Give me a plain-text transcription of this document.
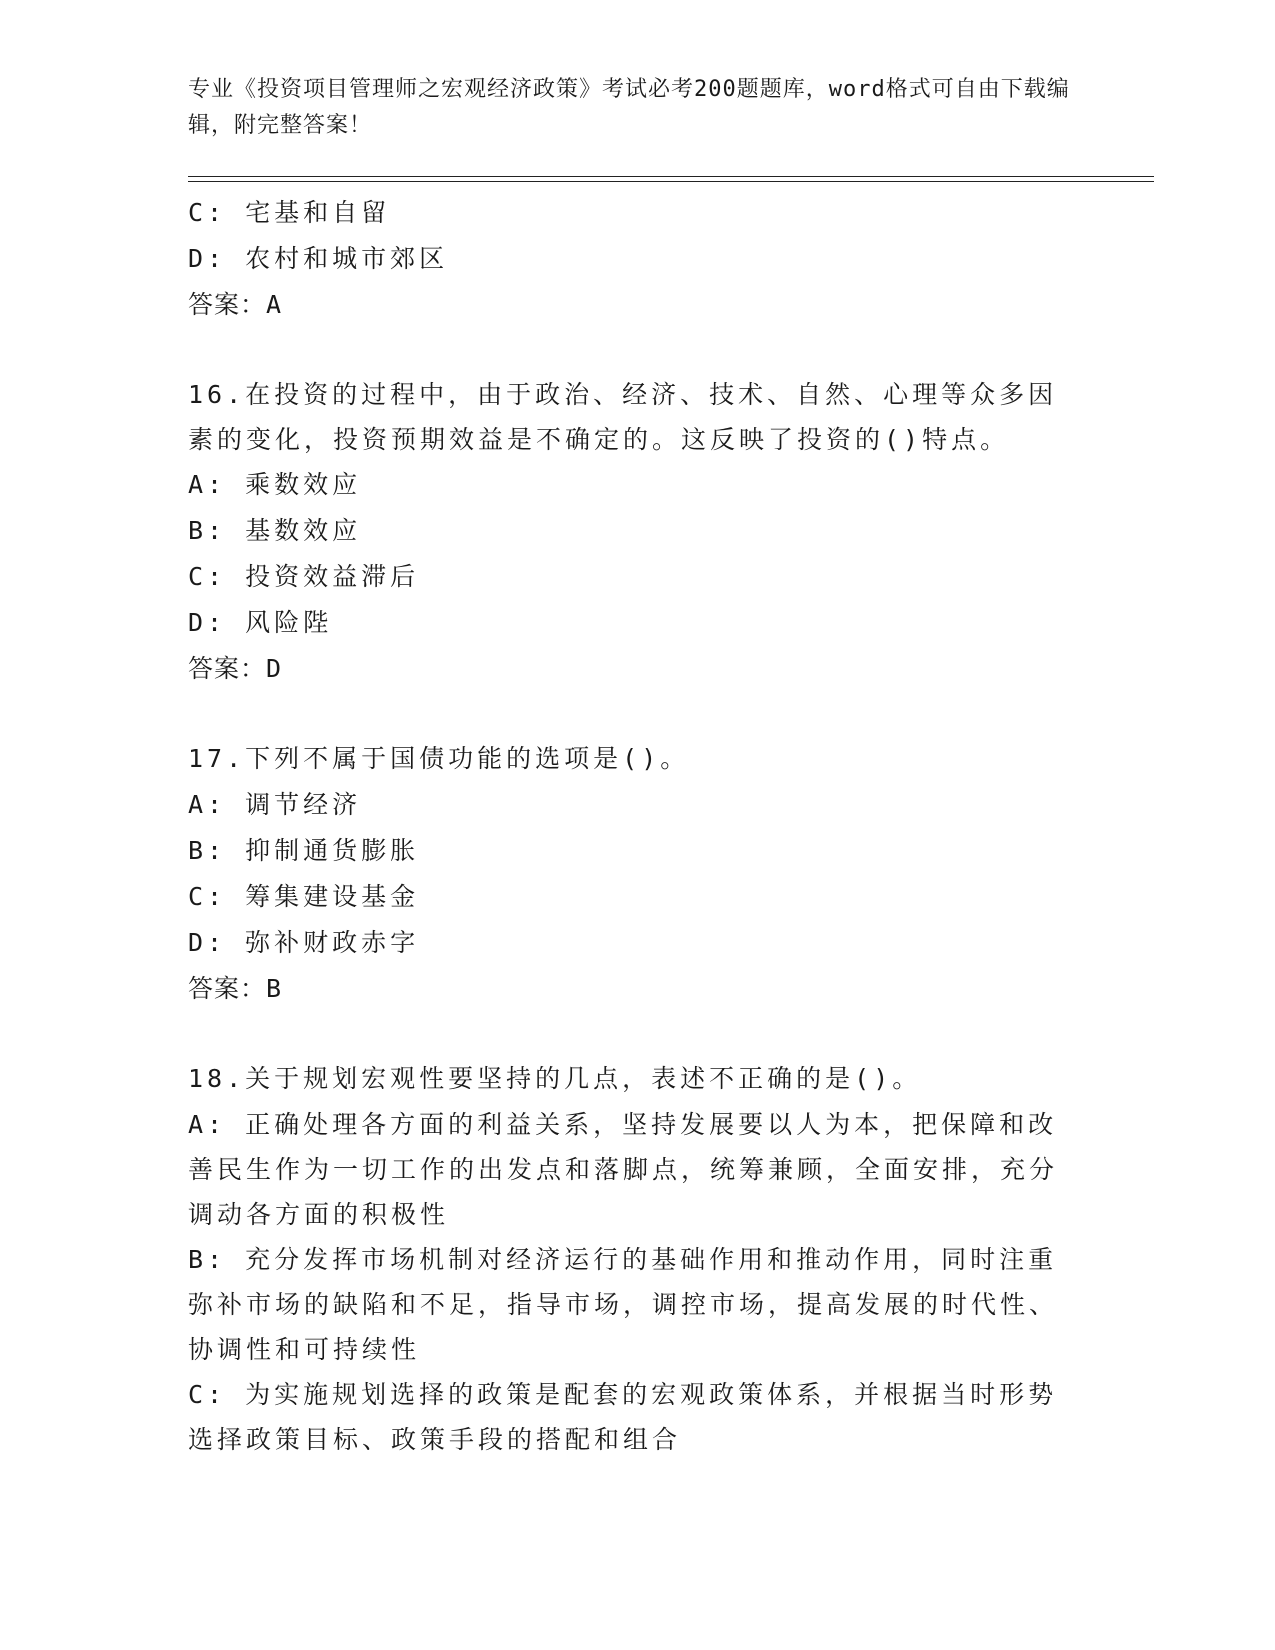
专业《投资项目管理师之宏观经济政策》考试必考200题题库，word格式可自由下载编辑，附完整答案！
C: 宅基和自留
D: 农村和城市郊区
答案：A
16.在投资的过程中，由于政治、经济、技术、自然、心理等众多因素的变化，投资预期效益是不确定的。这反映了投资的()特点。
A: 乘数效应
B: 基数效应
C: 投资效益滞后
D: 风险陛
答案：D
17.下列不属于国债功能的选项是()。
A: 调节经济
B: 抑制通货膨胀
C: 筹集建设基金
D: 弥补财政赤字
答案：B
18.关于规划宏观性要坚持的几点，表述不正确的是()。
A: 正确处理各方面的利益关系，坚持发展要以人为本，把保障和改善民生作为一切工作的出发点和落脚点，统筹兼顾，全面安排，充分调动各方面的积极性
B: 充分发挥市场机制对经济运行的基础作用和推动作用，同时注重弥补市场的缺陷和不足，指导市场，调控市场，提高发展的时代性、协调性和可持续性
C: 为实施规划选择的政策是配套的宏观政策体系，并根据当时形势选择政策目标、政策手段的搭配和组合
